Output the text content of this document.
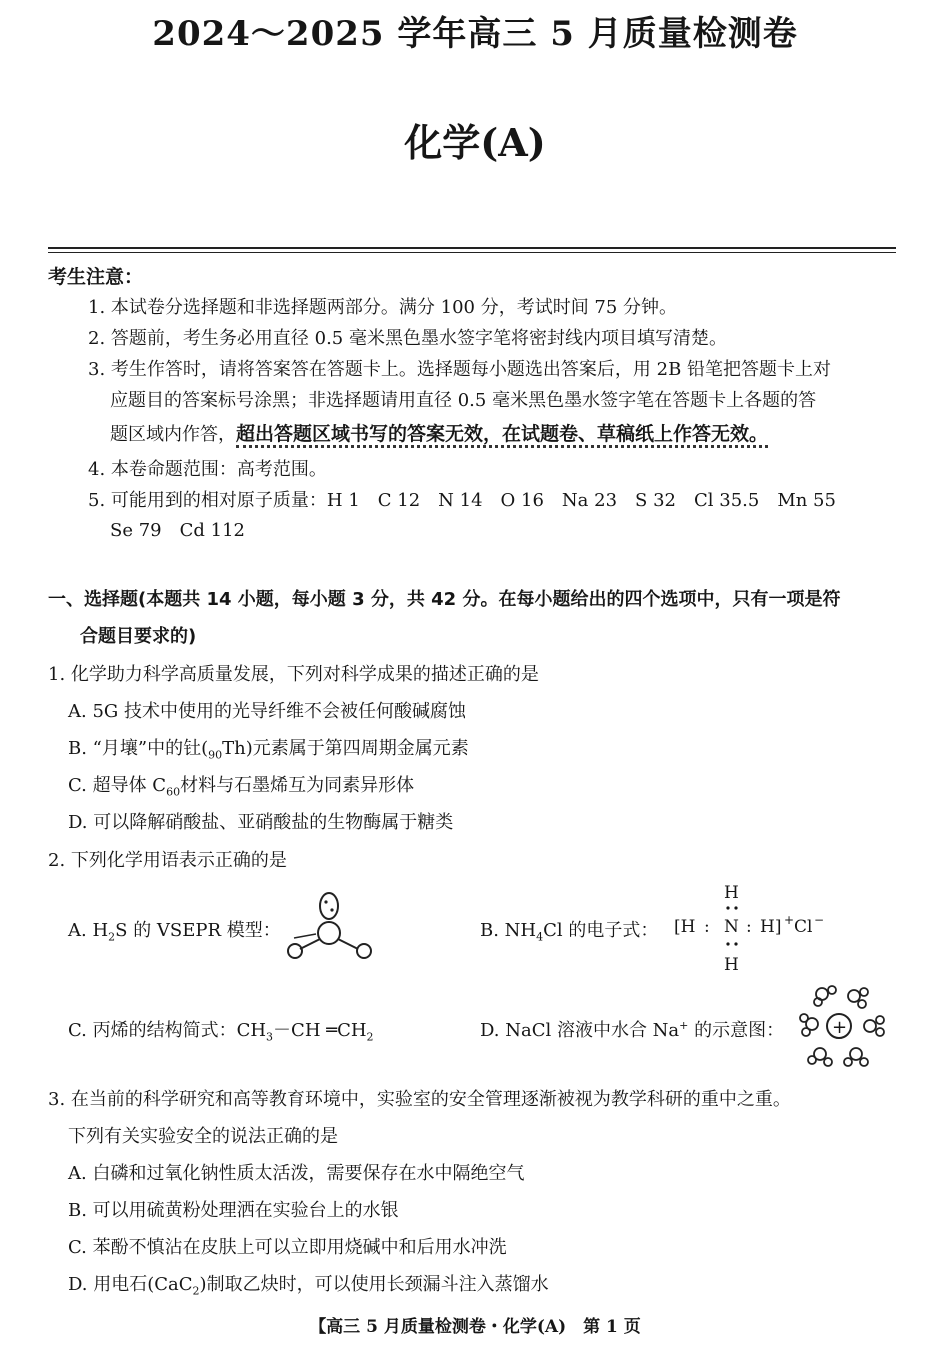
2024～2025 学年高三 5 月质量检测卷
化学(A)
考生注意：
1. 本试卷分选择题和非选择题两部分。满分 100 分，考试时间 75 分钟。
2. 答题前，考生务必用直径 0.5 毫米黑色墨水签字笔将密封线内项目填写清楚。
3. 考生作答时，请将答案答在答题卡上。选择题每小题选出答案后，用 2B 铅笔把答题卡上对
应题目的答案标号涂黑；非选择题请用直径 0.5 毫米黑色墨水签字笔在答题卡上各题的答
题区域内作答，超出答题区域书写的答案无效，在试题卷、草稿纸上作答无效。
4. 本卷命题范围：高考范围。
5. 可能用到的相对原子质量：H 1　C 12　N 14　O 16　Na 23　S 32　Cl 35.5　Mn 55
Se 79　Cd 112
一、选择题(本题共 14 小题，每小题 3 分，共 42 分。在每小题给出的四个选项中，只有一项是符
合题目要求的)
1. 化学助力科学高质量发展，下列对科学成果的描述正确的是
A. 5G 技术中使用的光导纤维不会被任何酸碱腐蚀
B. “月壤”中的钍$(_{90}Th)$元素属于第四周期金属元素
C. 超导体 $C_{60}$材料与石墨烯互为同素异形体
D. 可以降解硝酸盐、亚硝酸盐的生物酶属于糖类
2. 下列化学用语表示正确的是
A. $H_2S$ 的 VSEPR 模型：	B. $NH_4Cl$ 的电子式： [H : N : H] + Cl −
H
H
C. 丙烯的结构简式：$CH_3-CH$ $═CH_2$	D. NaCl 溶液中水合 Na+ 的示意图：	+
3. 在当前的科学研究和高等教育环境中，实验室的安全管理逐渐被视为教学科研的重中之重。
下列有关实验安全的说法正确的是
A. 白磷和过氧化钠性质太活泼，需要保存在水中隔绝空气
B. 可以用硫黄粉处理洒在实验台上的水银
C. 苯酚不慎沾在皮肤上可以立即用烧碱中和后用水冲洗
D. 用电石(CaC$_2$)制取乙炔时，可以使用长颈漏斗注入蒸馏水
【高三 5 月质量检测卷・化学(A)　第 1 页
